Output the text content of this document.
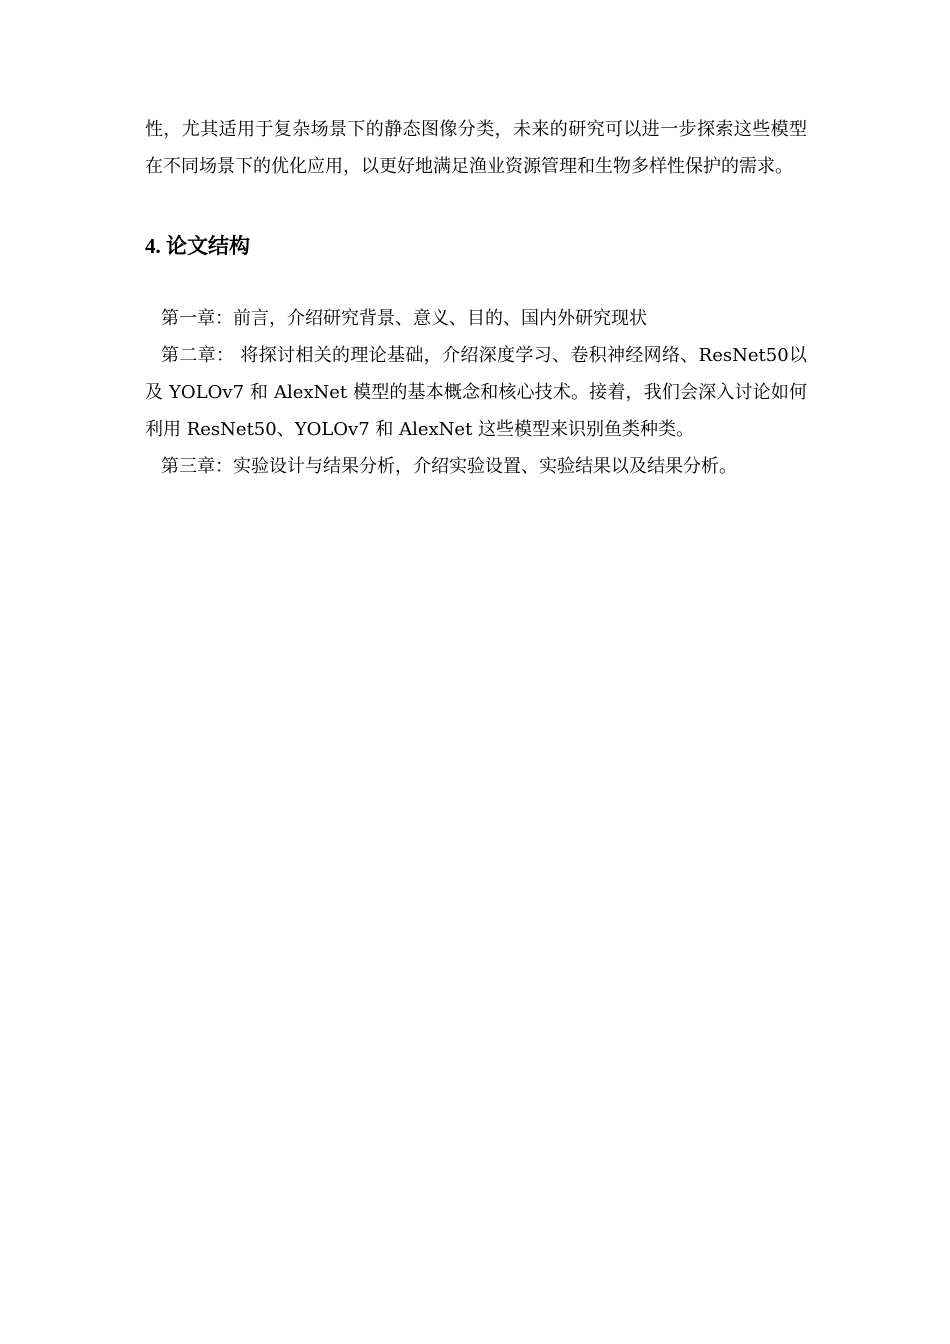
性，尤其适用于复杂场景下的静态图像分类，未来的研究可以进一步探索这些模型在不同场景下的优化应用，以更好地满足渔业资源管理和生物多样性保护的需求。

4. 论文结构

第一章：前言，介绍研究背景、意义、目的、国内外研究现状

第二章： 将探讨相关的理论基础，介绍深度学习、卷积神经网络、ResNet50以及 YOLOv7 和 AlexNet 模型的基本概念和核心技术。接着，我们会深入讨论如何利用 ResNet50、YOLOv7 和 AlexNet 这些模型来识别鱼类种类。

第三章：实验设计与结果分析，介绍实验设置、实验结果以及结果分析。
